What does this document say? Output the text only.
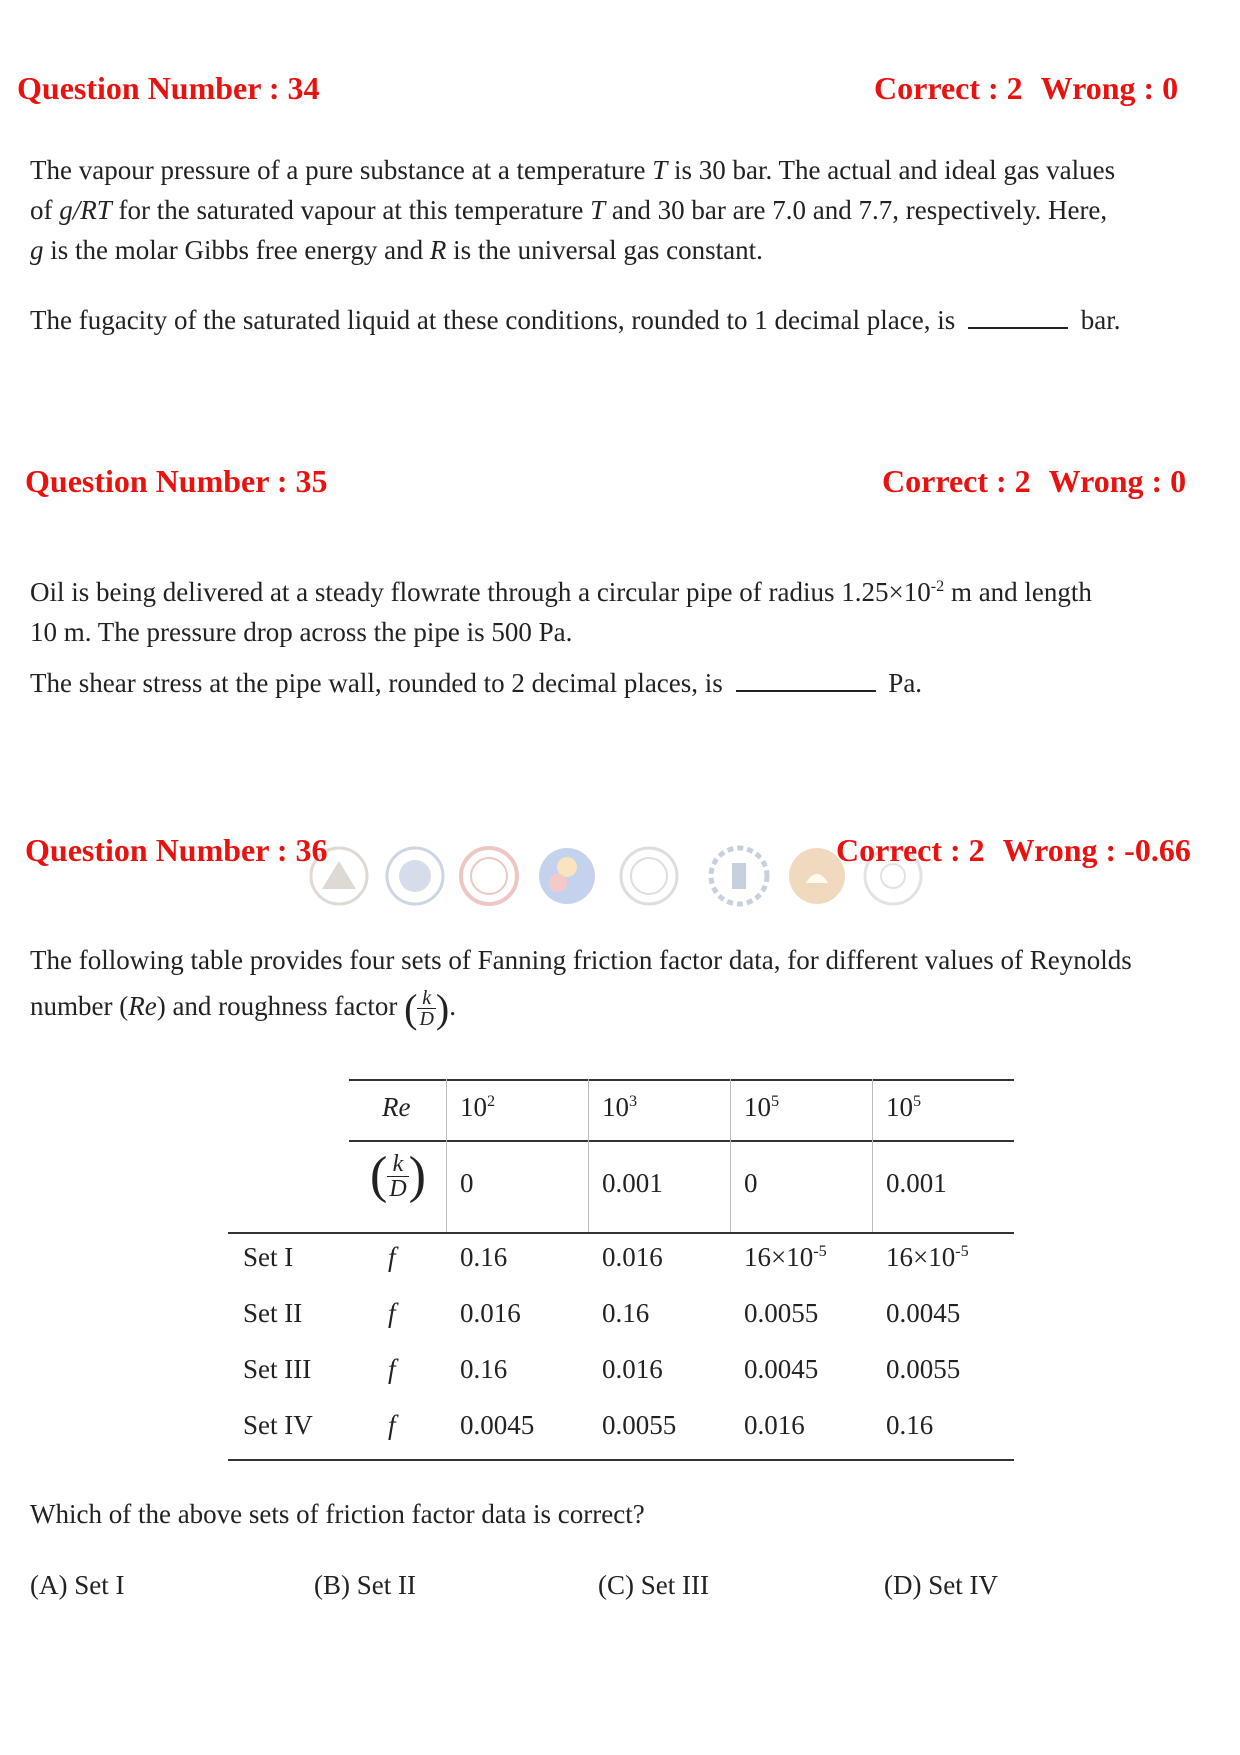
Question Number : 34	Correct : 2 Wrong : 0
The vapour pressure of a pure substance at a temperature T is 30 bar. The actual and ideal gas values
of g/RT for the saturated vapour at this temperature T and 30 bar are 7.0 and 7.7, respectively. Here,
g is the molar Gibbs free energy and R is the universal gas constant.
The fugacity of the saturated liquid at these conditions, rounded to 1 decimal place, is	bar.
Question Number : 35	Correct : 2 Wrong : 0
Oil is being delivered at a steady flowrate through a circular pipe of radius $1.25\times 10^{-2}$ m and length
10 m. The pressure drop across the pipe is 500 Pa.
The shear stress at the pipe wall, rounded to 2 decimal places, is	Pa.
Question Number : 36	Correct : 2 Wrong : -0.66
The following table provides four sets of Fanning friction factor data, for different values of Reynolds
number (Re) and roughness factor ( $\frac{k}{D}$ ).
Re $10^2$	$10^3$	$10^5$	$10^5$
( $\frac{k}{D}$ ) 0	0.001	0	0.001
Set I	f 0.16	0.016	$16\times 10^{-5}$ $16\times 10^{-5}$
Set II	f 0.016	0.16	0.0055	0.0045
Set III	f 0.16	0.016	0.0045	0.0055
Set IV	f 0.0045	0.0055	0.016	0.16
Which of the above sets of friction factor data is correct?
(A) Set I	(B) Set II	(C) Set III	(D) Set IV
